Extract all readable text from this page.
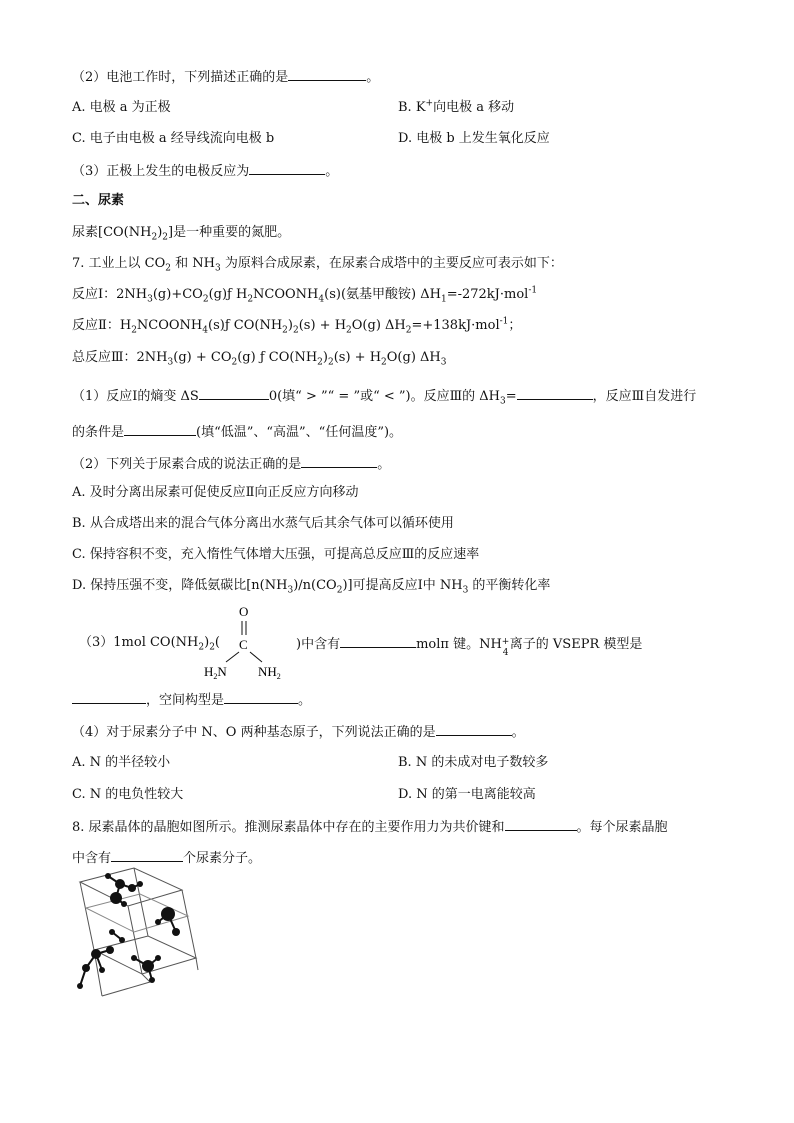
（2）电池工作时，下列描述正确的是	。
A. 电极 a 为正极	B. K+向电极 a 移动
C. 电子由电极 a 经导线流向电极 b	D. 电极 b 上发生氧化反应
（3）正极上发生的电极反应为	。
二、尿素
尿素$[CO(NH_2)_2]$是一种重要的氮肥。
7. 工业上以 $CO_2$ 和 $NH_3$ 为原料合成尿素，在尿素合成塔中的主要反应可表示如下：
反应Ⅰ：$2NH_3(g)+CO_2(g)ƒ$ $H_2NCOONH_4(s)$(氨基甲酸铵) $\Delta H_1=-272kJ\cdot mol^{-1}$
反应Ⅱ：$H_2NCOONH_4(s)ƒ$ $CO(NH_2)_2(s) + H_2O(g)$ $\Delta H_2=+138kJ\cdot mol^{-1}$；
总反应Ⅲ：$2NH_3(g) + CO_2(g)$ ƒ $CO(NH_2)_2(s) + H_2O(g)$ $\Delta H_3$
（1）反应Ⅰ的熵变 ΔS	0(填“ > ”“ = ”或“ < ”)。反应Ⅲ的 $\Delta H_3=$	，反应Ⅲ自发进行
的条件是	(填“低温”、“高温”、“任何温度”)。
（2）下列关于尿素合成的说法正确的是	。
A. 及时分离出尿素可促使反应Ⅱ向正反应方向移动
B. 从合成塔出来的混合气体分离出水蒸气后其余气体可以循环使用
C. 保持容积不变，充入惰性气体增大压强，可提高总反应Ⅲ的反应速率
D. 保持压强不变，降低氨碳比$[n(NH_3)/n(CO_2)]$可提高反应Ⅰ中 $NH_3$ 的平衡转化率
（3）1mol $CO(NH_2)_2$(
O
C
$H_2N$ $NH_2$
)中含有	molπ 键。NH +
4
离子的 VSEPR 模型是
，空间构型是	。
（4）对于尿素分子中 N、O 两种基态原子，下列说法正确的是	。
A. N 的半径较小	B. N 的未成对电子数较多
C. N 的电负性较大	D. N 的第一电离能较高
8. 尿素晶体的晶胞如图所示。推测尿素晶体中存在的主要作用力为共价键和	。每个尿素晶胞
中含有	个尿素分子。
